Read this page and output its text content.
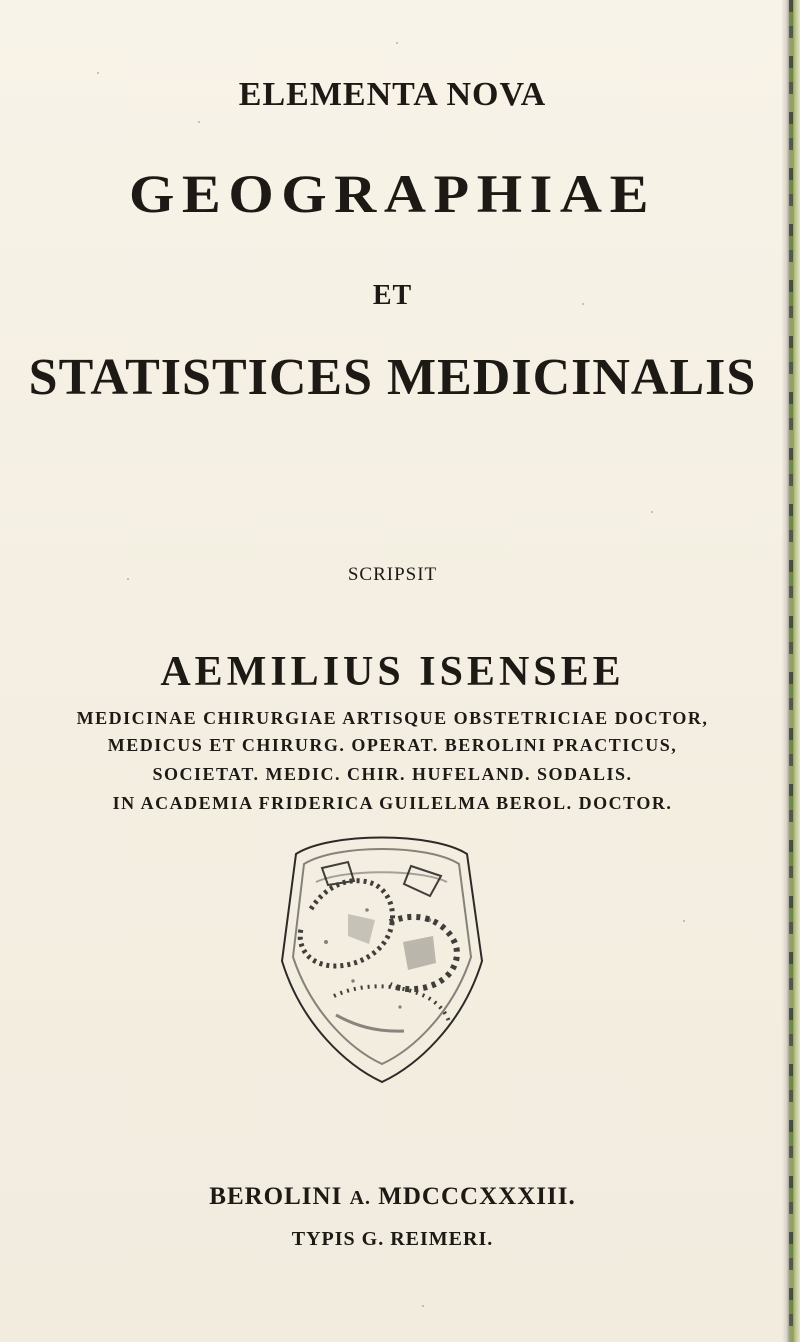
ELEMENTA NOVA
GEOGRAPHIAE
ET
STATISTICES MEDICINALIS
SCRIPSIT
AEMILIUS ISENSEE
MEDICINAE CHIRURGIAE ARTISQUE OBSTETRICIAE DOCTOR,
MEDICUS ET CHIRURG. OPERAT. BEROLINI PRACTICUS,
SOCIETAT. MEDIC. CHIR. HUFELAND. SODALIS.
IN ACADEMIA FRIDERICA GUILELMA BEROL. DOCTOR.
BEROLINI A. MDCCCXXXIII.
TYPIS G. REIMERI.
